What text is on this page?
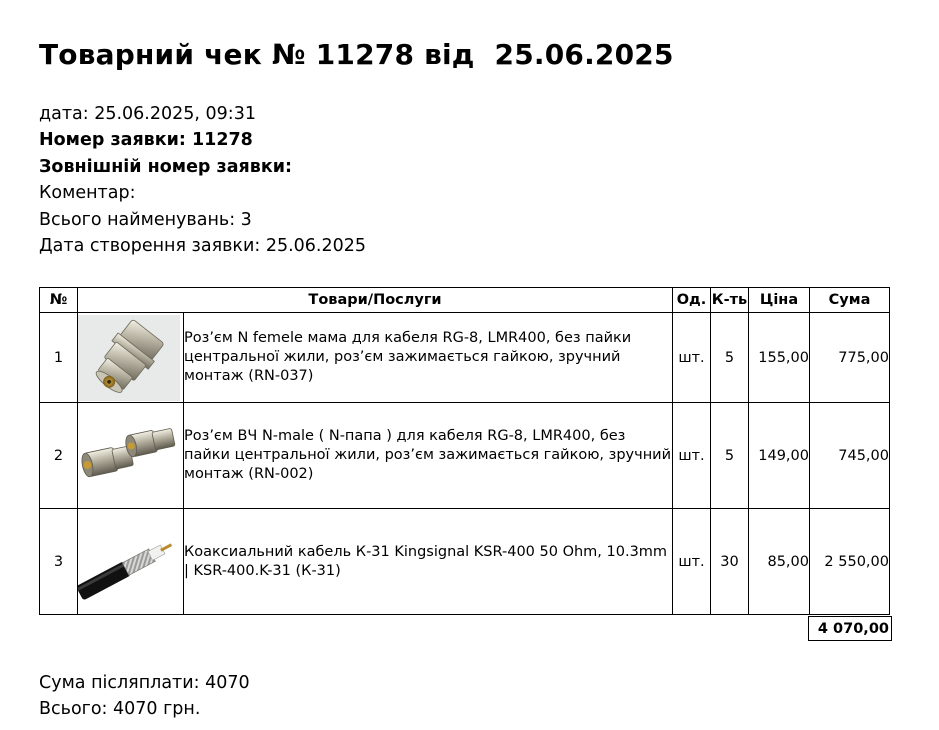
Товарний чек № 11278 від  25.06.2025
дата: 25.06.2025, 09:31
Номер заявки: 11278
Зовнішній номер заявки:
Коментар:
Всього найменувань: 3
Дата створення заявки: 25.06.2025
№	Товари/Послуги		Од.	К-ть	Ціна	Сума
1		Роз’єм N femele мама для кабеля RG-8, LMR400, без пайки центральної жили, роз’єм зажимається гайкою, зручний монтаж (RN-037)	шт.	5	155,00	775,00
2		Роз’єм ВЧ N-male ( N-папа ) для кабеля RG-8, LMR400, без пайки центральної жили, роз’єм зажимається гайкою, зручний монтаж (RN-002)	шт.	5	149,00	745,00
3		Коаксиальний кабель К-31 Kingsignal KSR-400 50 Ohm, 10.3mm | KSR-400.K-31 (К-31)	шт.	30	85,00	2 550,00
4 070,00
Сума післяплати: 4070
Всього: 4070 грн.
